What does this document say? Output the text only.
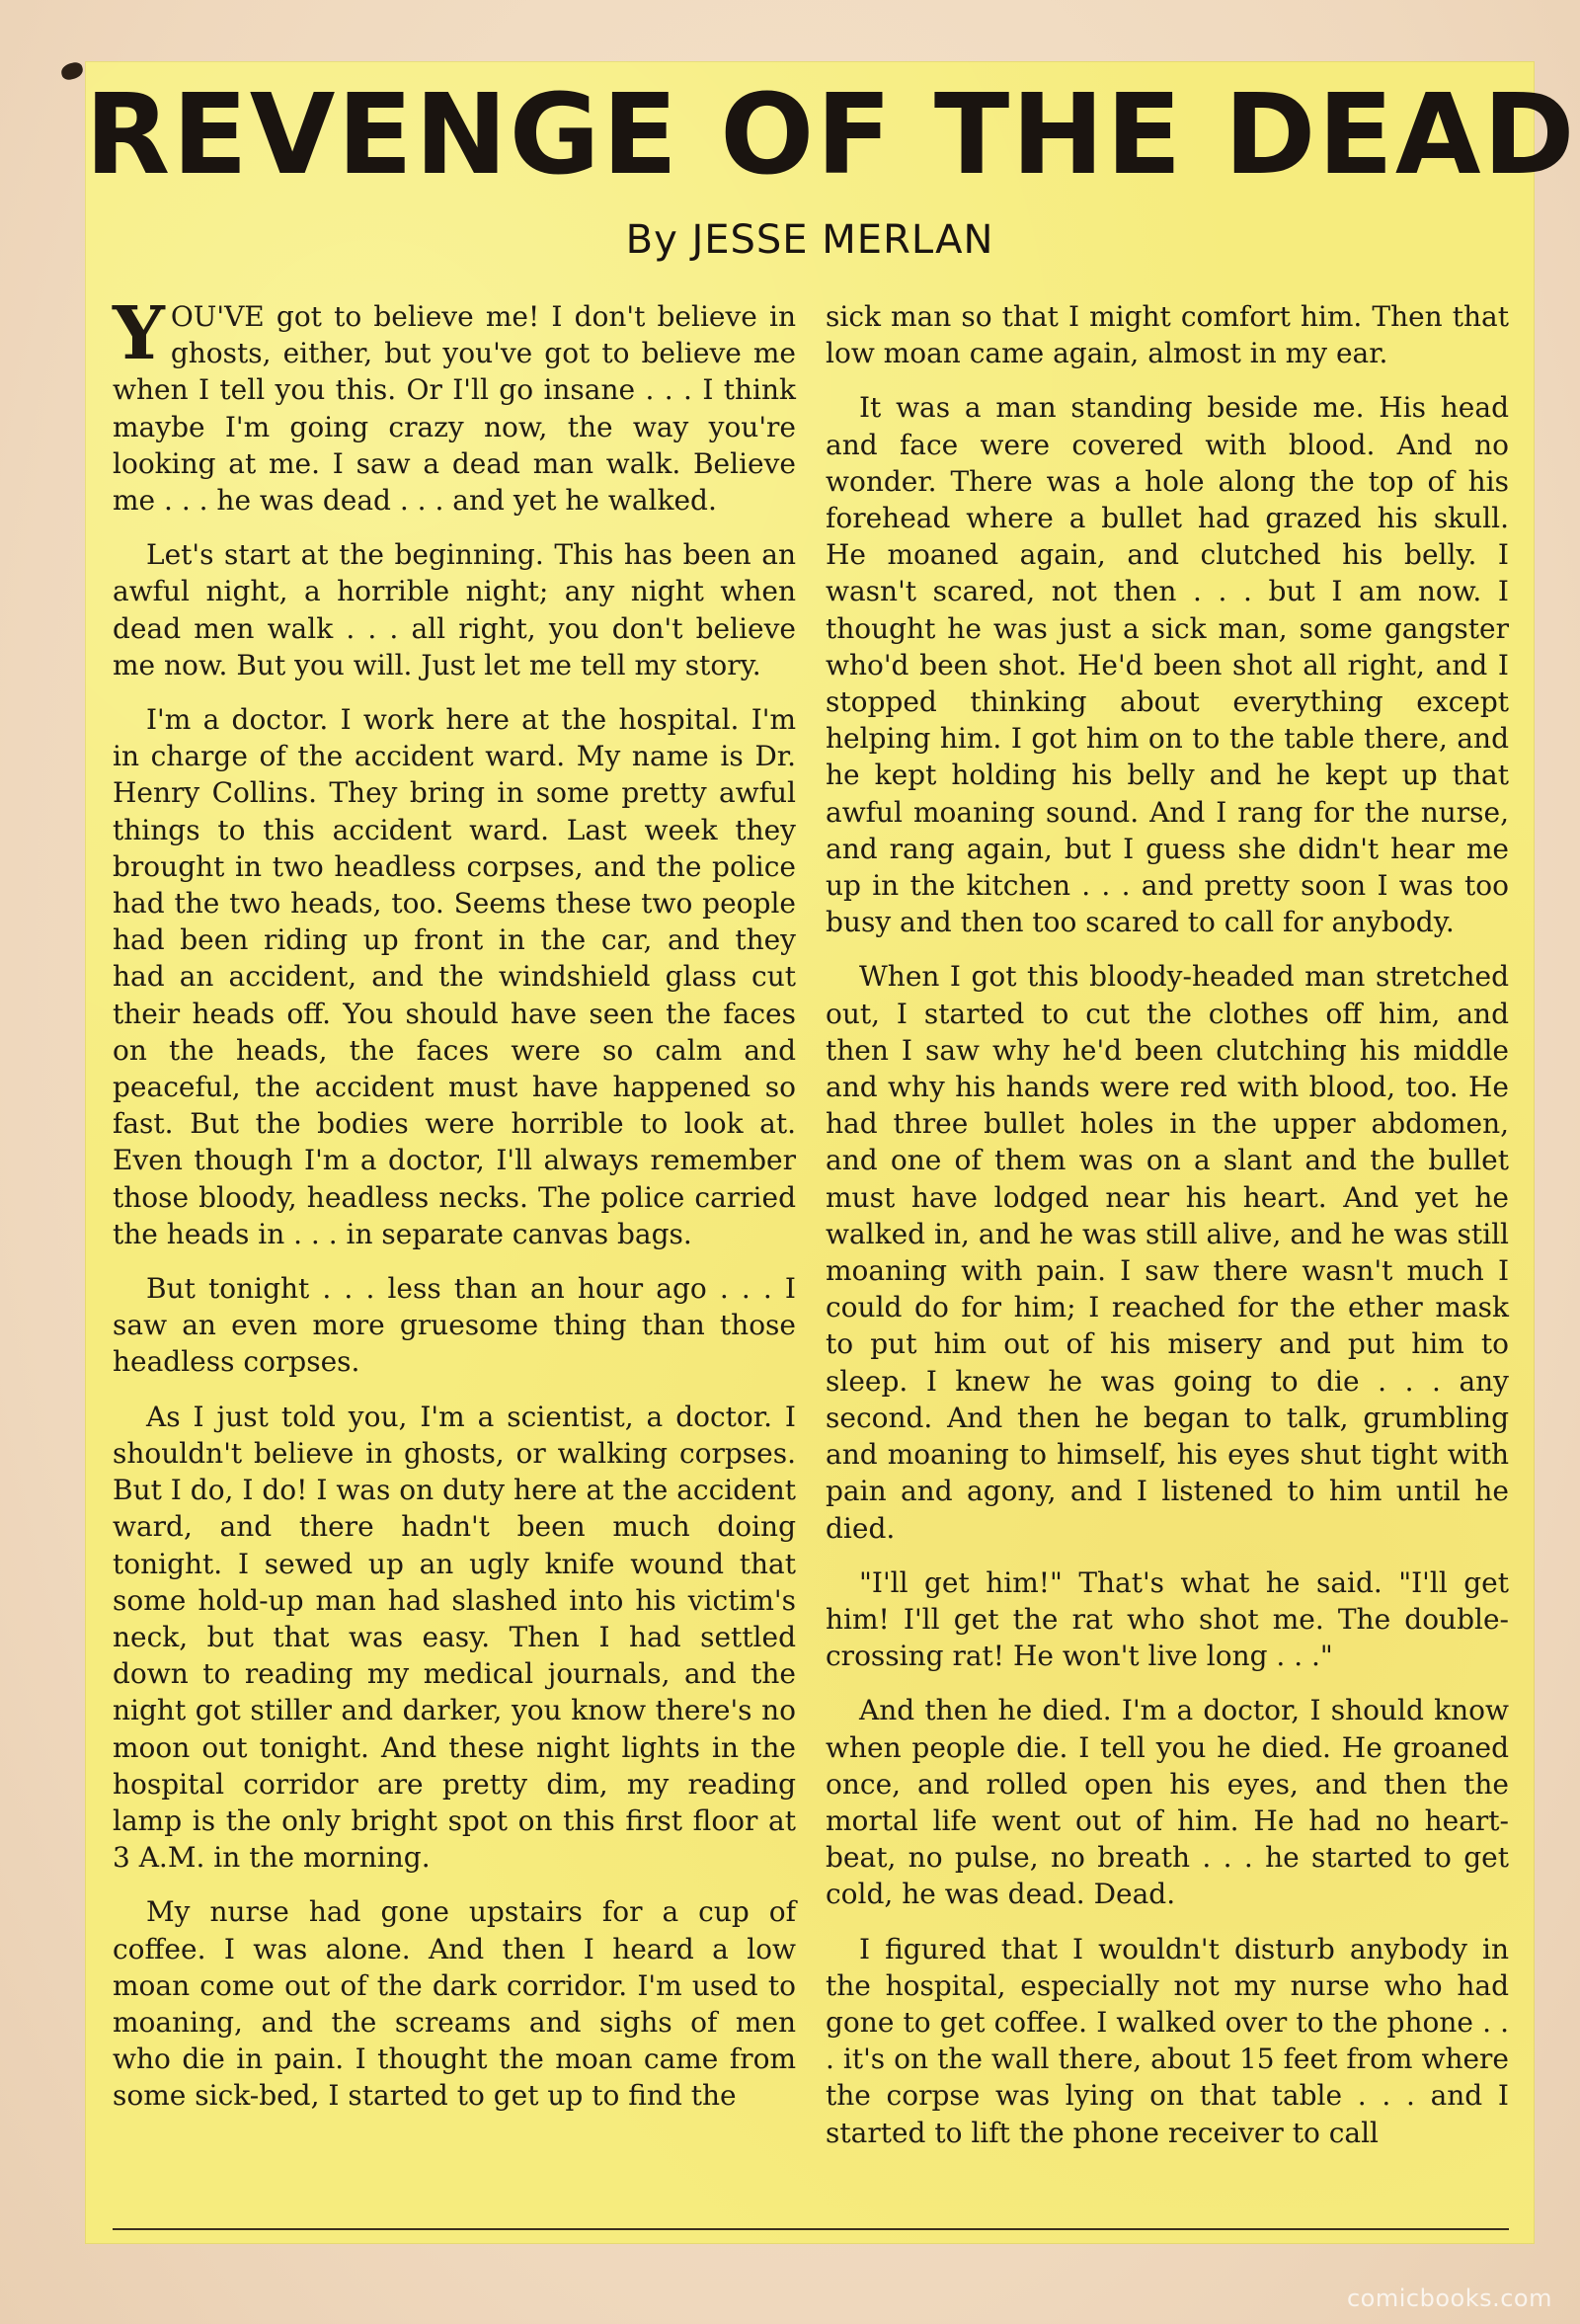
REVENGE OF THE DEAD
By JESSE MERLAN

YOU'VE got to believe me! I don't believe in ghosts, either, but you've got to believe me when I tell you this. Or I'll go insane . . . I think maybe I'm going crazy now, the way you're looking at me. I saw a dead man walk. Believe me . . . he was dead . . . and yet he walked.

Let's start at the beginning. This has been an awful night, a horrible night; any night when dead men walk . . . all right, you don't believe me now. But you will. Just let me tell my story.

I'm a doctor. I work here at the hospital. I'm in charge of the accident ward. My name is Dr. Henry Collins. They bring in some pretty awful things to this accident ward. Last week they brought in two headless corpses, and the police had the two heads, too. Seems these two people had been riding up front in the car, and they had an accident, and the windshield glass cut their heads off. You should have seen the faces on the heads, the faces were so calm and peaceful, the accident must have happened so fast. But the bodies were horrible to look at. Even though I'm a doctor, I'll always remember those bloody, headless necks. The police carried the heads in . . . in separate canvas bags.

But tonight . . . less than an hour ago . . . I saw an even more gruesome thing than those headless corpses.

As I just told you, I'm a scientist, a doctor. I shouldn't believe in ghosts, or walking corpses. But I do, I do! I was on duty here at the accident ward, and there hadn't been much doing tonight. I sewed up an ugly knife wound that some hold-up man had slashed into his victim's neck, but that was easy. Then I had settled down to reading my medical journals, and the night got stiller and darker, you know there's no moon out tonight. And these night lights in the hospital corridor are pretty dim, my reading lamp is the only bright spot on this first floor at 3 A.M. in the morning.

My nurse had gone upstairs for a cup of coffee. I was alone. And then I heard a low moan come out of the dark corridor. I'm used to moaning, and the screams and sighs of men who die in pain. I thought the moan came from some sick-bed, I started to get up to find the

sick man so that I might comfort him. Then that low moan came again, almost in my ear.

It was a man standing beside me. His head and face were covered with blood. And no wonder. There was a hole along the top of his forehead where a bullet had grazed his skull. He moaned again, and clutched his belly. I wasn't scared, not then . . . but I am now. I thought he was just a sick man, some gangster who'd been shot. He'd been shot all right, and I stopped thinking about everything except helping him. I got him on to the table there, and he kept holding his belly and he kept up that awful moaning sound. And I rang for the nurse, and rang again, but I guess she didn't hear me up in the kitchen . . . and pretty soon I was too busy and then too scared to call for anybody.

When I got this bloody-headed man stretched out, I started to cut the clothes off him, and then I saw why he'd been clutching his middle and why his hands were red with blood, too. He had three bullet holes in the upper abdomen, and one of them was on a slant and the bullet must have lodged near his heart. And yet he walked in, and he was still alive, and he was still moaning with pain. I saw there wasn't much I could do for him; I reached for the ether mask to put him out of his misery and put him to sleep. I knew he was going to die . . . any second. And then he began to talk, grumbling and moaning to himself, his eyes shut tight with pain and agony, and I listened to him until he died.

"I'll get him!" That's what he said. "I'll get him! I'll get the rat who shot me. The double-crossing rat! He won't live long . . ."

And then he died. I'm a doctor, I should know when people die. I tell you he died. He groaned once, and rolled open his eyes, and then the mortal life went out of him. He had no heart-beat, no pulse, no breath . . . he started to get cold, he was dead. Dead.

I figured that I wouldn't disturb anybody in the hospital, especially not my nurse who had gone to get coffee. I walked over to the phone . . . it's on the wall there, about 15 feet from where the corpse was lying on that table . . . and I started to lift the phone receiver to call

comicbooks.com
